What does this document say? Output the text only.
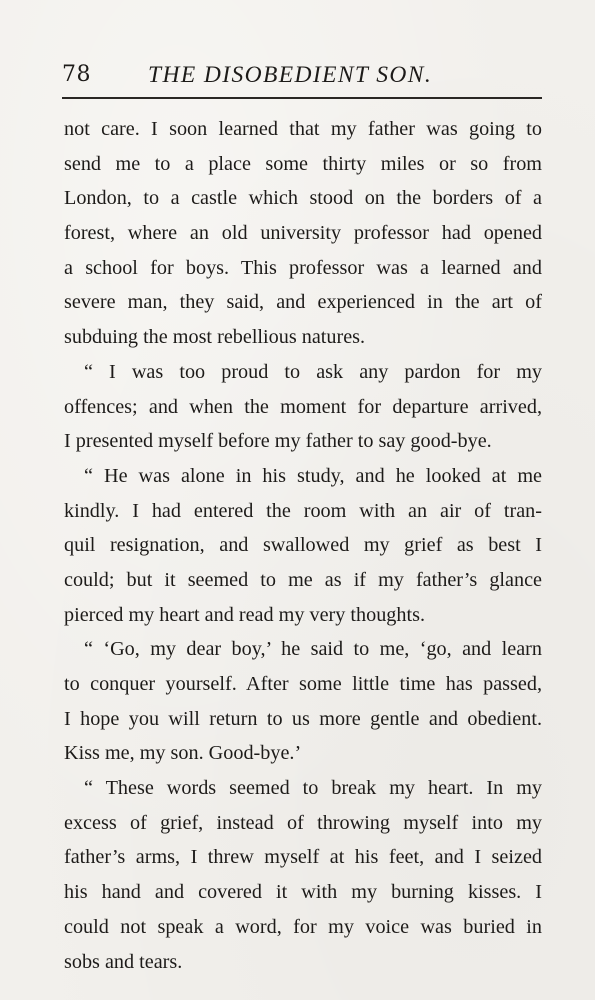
78 THE DISOBEDIENT SON.
not care. I soon learned that my father was going to
send me to a place some thirty miles or so from
London, to a castle which stood on the borders of a
forest, where an old university professor had opened
a school for boys. This professor was a learned and
severe man, they said, and experienced in the art of
subduing the most rebellious natures.
“ I was too proud to ask any pardon for my
offences; and when the moment for departure arrived,
I presented myself before my father to say good-bye.
“ He was alone in his study, and he looked at me
kindly. I had entered the room with an air of tran-
quil resignation, and swallowed my grief as best I
could; but it seemed to me as if my father’s glance
pierced my heart and read my very thoughts.
“ ‘Go, my dear boy,’ he said to me, ‘go, and learn
to conquer yourself. After some little time has passed,
I hope you will return to us more gentle and obedient.
Kiss me, my son. Good-bye.’
“ These words seemed to break my heart. In my
excess of grief, instead of throwing myself into my
father’s arms, I threw myself at his feet, and I seized
his hand and covered it with my burning kisses. I
could not speak a word, for my voice was buried in
sobs and tears.
